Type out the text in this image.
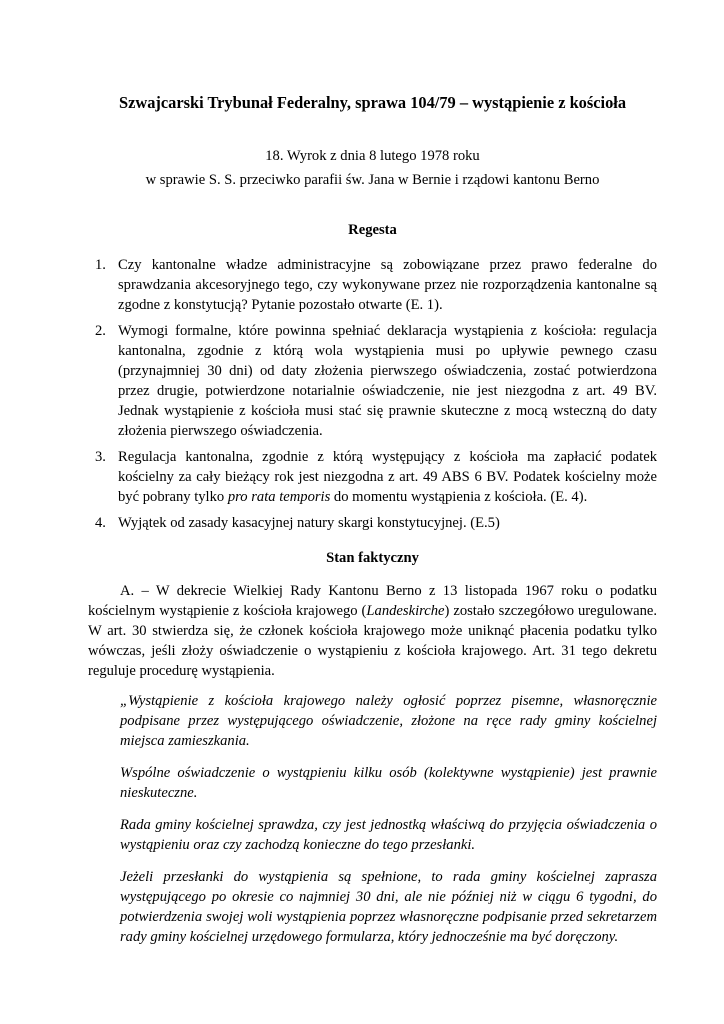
Szwajcarski Trybunał Federalny, sprawa 104/79 – wystąpienie z kościoła

18. Wyrok z dnia 8 lutego 1978 roku

w sprawie S. S. przeciwko parafii św. Jana w Bernie i rządowi kantonu Berno

Regesta
1. Czy kantonalne władze administracyjne są zobowiązane przez prawo federalne do sprawdzania akcesoryjnego tego, czy wykonywane przez nie rozporządzenia kantonalne są zgodne z konstytucją? Pytanie pozostało otwarte (E. 1).
2. Wymogi formalne, które powinna spełniać deklaracja wystąpienia z kościoła: regulacja kantonalna, zgodnie z którą wola wystąpienia musi po upływie pewnego czasu (przynajmniej 30 dni) od daty złożenia pierwszego oświadczenia, zostać potwierdzona przez drugie, potwierdzone notarialnie oświadczenie, nie jest niezgodna z art. 49 BV. Jednak wystąpienie z kościoła musi stać się prawnie skuteczne z mocą wsteczną do daty złożenia pierwszego oświadczenia.
3. Regulacja kantonalna, zgodnie z którą występujący z kościoła ma zapłacić podatek kościelny za cały bieżący rok jest niezgodna z art. 49 ABS 6 BV. Podatek kościelny może być pobrany tylko pro rata temporis do momentu wystąpienia z kościoła. (E. 4).
4. Wyjątek od zasady kasacyjnej natury skargi konstytucyjnej. (E.5)
Stan faktyczny

A. – W dekrecie Wielkiej Rady Kantonu Berno z 13 listopada 1967 roku o podatku kościelnym wystąpienie z kościoła krajowego (Landeskirche) zostało szczegółowo uregulowane. W art. 30 stwierdza się, że członek kościoła krajowego może uniknąć płacenia podatku tylko wówczas, jeśli złoży oświadczenie o wystąpieniu z kościoła krajowego. Art. 31 tego dekretu reguluje procedurę wystąpienia.

„Wystąpienie z kościoła krajowego należy ogłosić poprzez pisemne, własnoręcznie podpisane przez występującego oświadczenie, złożone na ręce rady gminy kościelnej miejsca zamieszkania.

Wspólne oświadczenie o wystąpieniu kilku osób (kolektywne wystąpienie) jest prawnie nieskuteczne.

Rada gminy kościelnej sprawdza, czy jest jednostką właściwą do przyjęcia oświadczenia o wystąpieniu oraz czy zachodzą konieczne do tego przesłanki.

Jeżeli przesłanki do wystąpienia są spełnione, to rada gminy kościelnej zaprasza występującego po okresie co najmniej 30 dni, ale nie później niż w ciągu 6 tygodni, do potwierdzenia swojej woli wystąpienia poprzez własnoręczne podpisanie przed sekretarzem rady gminy kościelnej urzędowego formularza, który jednocześnie ma być doręczony.
